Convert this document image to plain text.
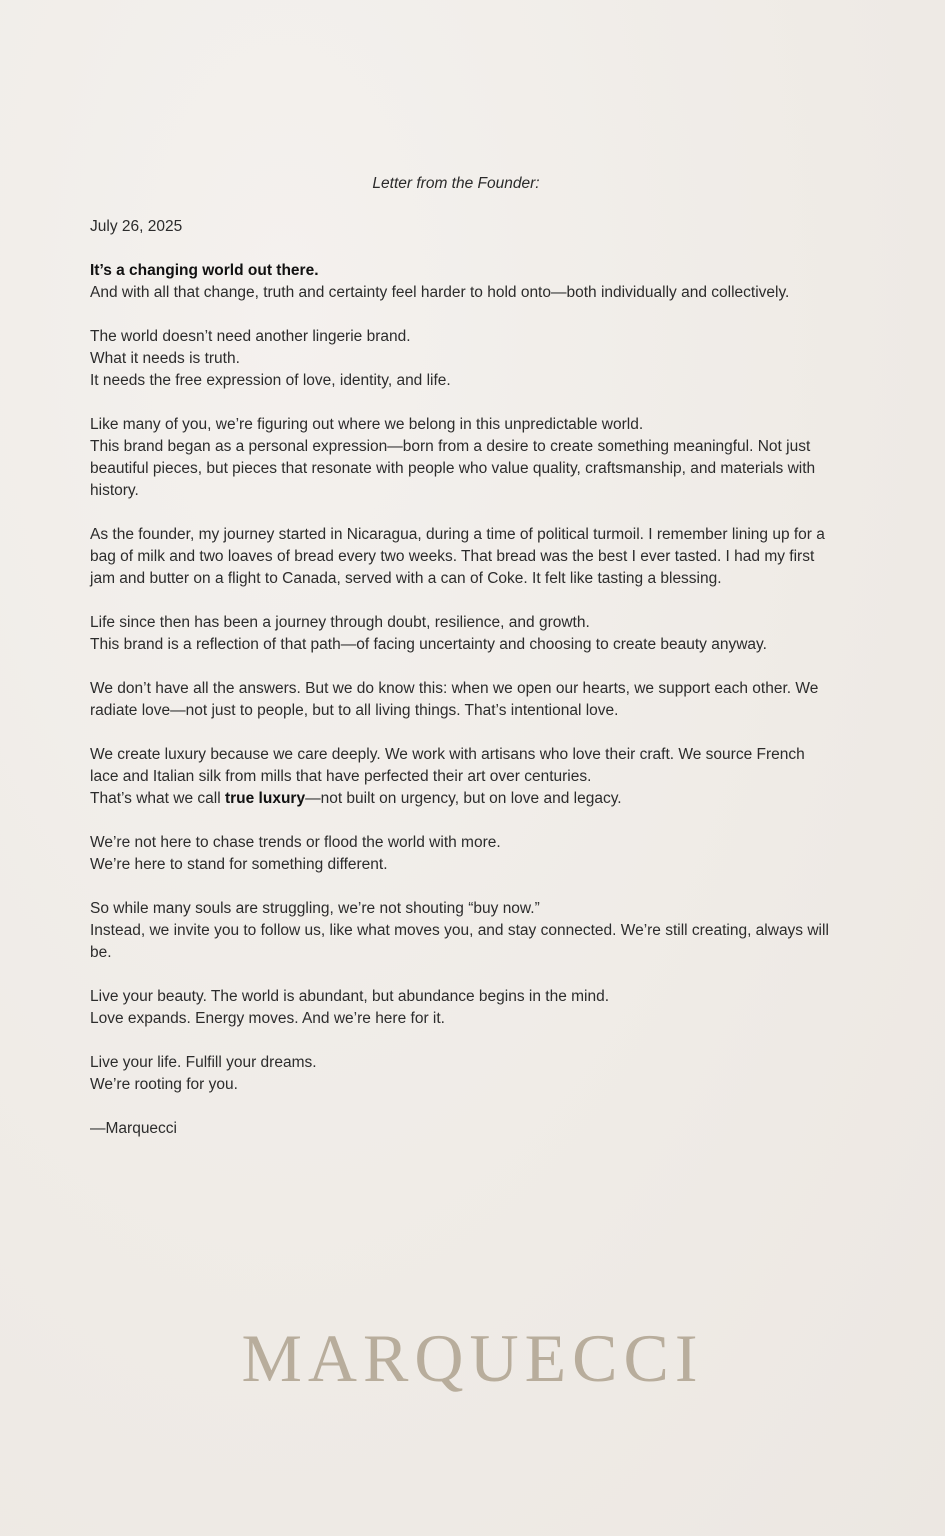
Letter from the Founder:

July 26, 2025

It’s a changing world out there.
And with all that change, truth and certainty feel harder to hold onto—both individually and collectively.

The world doesn’t need another lingerie brand.
What it needs is truth.
It needs the free expression of love, identity, and life.

Like many of you, we’re figuring out where we belong in this unpredictable world.
This brand began as a personal expression—born from a desire to create something meaningful. Not just beautiful pieces, but pieces that resonate with people who value quality, craftsmanship, and materials with history.

As the founder, my journey started in Nicaragua, during a time of political turmoil. I remember lining up for a bag of milk and two loaves of bread every two weeks. That bread was the best I ever tasted. I had my first jam and butter on a flight to Canada, served with a can of Coke. It felt like tasting a blessing.

Life since then has been a journey through doubt, resilience, and growth.
This brand is a reflection of that path—of facing uncertainty and choosing to create beauty anyway.

We don’t have all the answers. But we do know this: when we open our hearts, we support each other. We radiate love—not just to people, but to all living things. That’s intentional love.

We create luxury because we care deeply. We work with artisans who love their craft. We source French lace and Italian silk from mills that have perfected their art over centuries.
That’s what we call true luxury—not built on urgency, but on love and legacy.

We’re not here to chase trends or flood the world with more.
We’re here to stand for something different.

So while many souls are struggling, we’re not shouting “buy now.”
Instead, we invite you to follow us, like what moves you, and stay connected. We’re still creating, always will be.

Live your beauty. The world is abundant, but abundance begins in the mind.
Love expands. Energy moves. And we’re here for it.

Live your life. Fulfill your dreams.
We’re rooting for you.

—Marquecci

MARQUECCI
